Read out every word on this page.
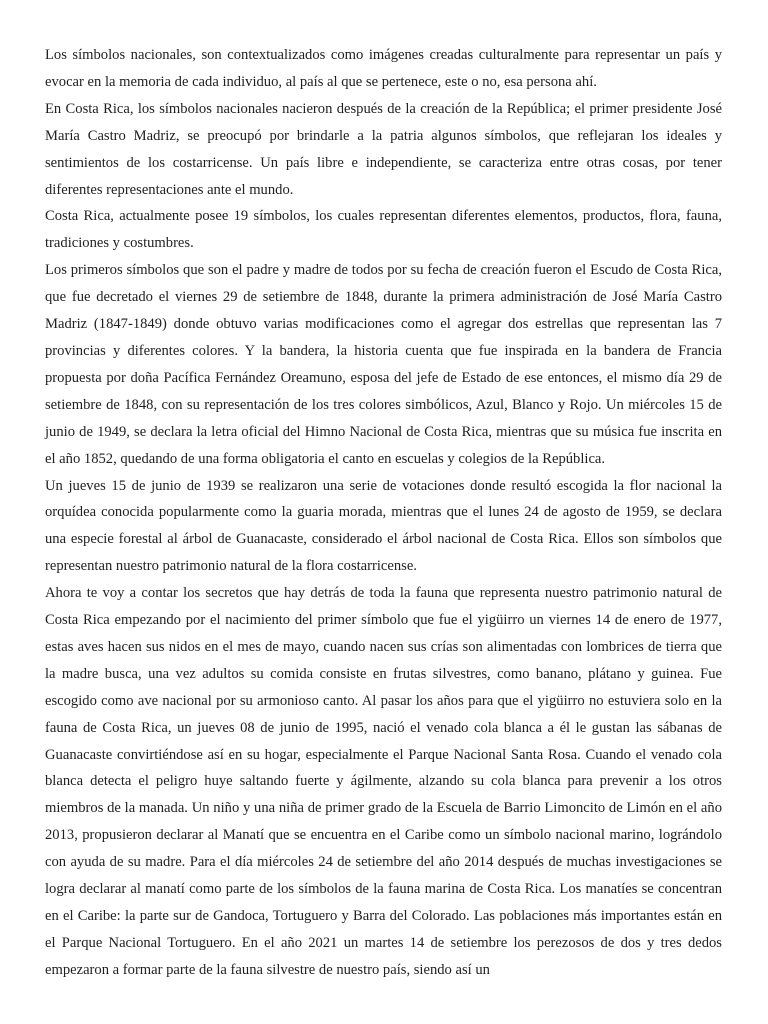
Los símbolos nacionales, son contextualizados como imágenes creadas culturalmente para representar un país y evocar en la memoria de cada individuo, al país al que se pertenece, este o no, esa persona ahí.

En Costa Rica, los símbolos nacionales nacieron después de la creación de la República; el primer presidente José María Castro Madriz, se preocupó por brindarle a la patria algunos símbolos, que reflejaran los ideales y sentimientos de los costarricense. Un país libre e independiente, se caracteriza entre otras cosas, por tener diferentes representaciones ante el mundo.

Costa Rica, actualmente posee 19 símbolos, los cuales representan diferentes elementos, productos, flora, fauna, tradiciones y costumbres.

Los primeros símbolos que son el padre y madre de todos por su fecha de creación fueron el Escudo de Costa Rica, que fue decretado el viernes 29 de setiembre de 1848, durante la primera administración de José María Castro Madriz (1847-1849) donde obtuvo varias modificaciones como el agregar dos estrellas que representan las 7 provincias y diferentes colores. Y la bandera, la historia cuenta que fue inspirada en la bandera de Francia propuesta por doña Pacífica Fernández Oreamuno, esposa del jefe de Estado de ese entonces, el mismo día 29 de setiembre de 1848, con su representación de los tres colores simbólicos, Azul, Blanco y Rojo. Un miércoles 15 de junio de 1949, se declara la letra oficial del Himno Nacional de Costa Rica, mientras que su música fue inscrita en el año 1852, quedando de una forma obligatoria el canto en escuelas y colegios de la República.

Un jueves 15 de junio de 1939 se realizaron una serie de votaciones donde resultó escogida la flor nacional la orquídea conocida popularmente como la guaria morada, mientras que el lunes 24 de agosto de 1959, se declara una especie forestal al árbol de Guanacaste, considerado el árbol nacional de Costa Rica. Ellos son símbolos que representan nuestro patrimonio natural de la flora costarricense.

Ahora te voy a contar los secretos que hay detrás de toda la fauna que representa nuestro patrimonio natural de Costa Rica empezando por el nacimiento del primer símbolo que fue el yigüirro un viernes 14 de enero de 1977, estas aves hacen sus nidos en el mes de mayo, cuando nacen sus crías son alimentadas con lombrices de tierra que la madre busca, una vez adultos su comida consiste en frutas silvestres, como banano, plátano y guinea. Fue escogido como ave nacional por su armonioso canto. Al pasar los años para que el yigüirro no estuviera solo en la fauna de Costa Rica, un jueves 08 de junio de 1995, nació el venado cola blanca a él le gustan las sábanas de Guanacaste convirtiéndose así en su hogar, especialmente el Parque Nacional Santa Rosa. Cuando el venado cola blanca detecta el peligro huye saltando fuerte y ágilmente, alzando su cola blanca para prevenir a los otros miembros de la manada. Un niño y una niña de primer grado de la Escuela de Barrio Limoncito de Limón en el año 2013, propusieron declarar al Manatí que se encuentra en el Caribe como un símbolo nacional marino, lográndolo con ayuda de su madre. Para el día miércoles 24 de setiembre del año 2014 después de muchas investigaciones se logra declarar al manatí como parte de los símbolos de la fauna marina de Costa Rica. Los manatíes se concentran en el Caribe: la parte sur de Gandoca, Tortuguero y Barra del Colorado. Las poblaciones más importantes están en el Parque Nacional Tortuguero. En el año 2021 un martes 14 de setiembre los perezosos de dos y tres dedos empezaron a formar parte de la fauna silvestre de nuestro país, siendo así un
